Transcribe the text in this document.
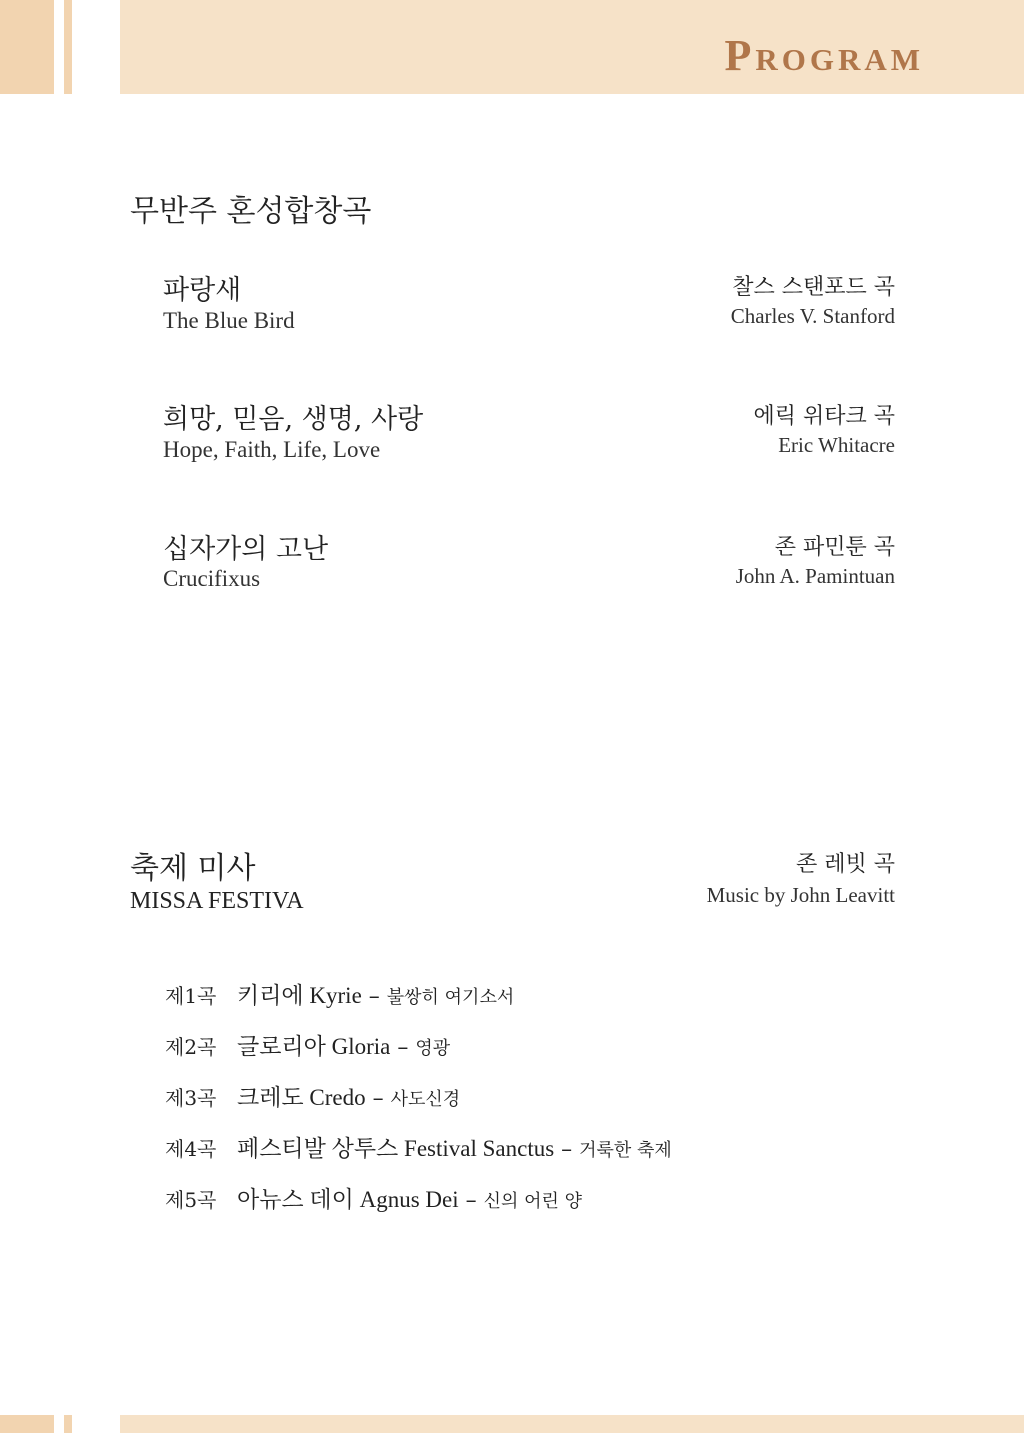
Program
무반주 혼성합창곡
파랑새
The Blue Bird
찰스 스탠포드 곡
Charles V. Stanford
희망, 믿음, 생명, 사랑
Hope, Faith, Life, Love
에릭 위타크 곡
Eric Whitacre
십자가의 고난
Crucifixus
존 파민툰 곡
John A. Pamintuan
축제 미사
MISSA FESTIVA
존 레빗 곡
Music by John Leavitt
제1곡 키리에 Kyrie – 불쌍히 여기소서
제2곡 글로리아 Gloria – 영광
제3곡 크레도 Credo – 사도신경
제4곡 페스티발 상투스 Festival Sanctus – 거룩한 축제
제5곡 아뉴스 데이 Agnus Dei – 신의 어린 양
